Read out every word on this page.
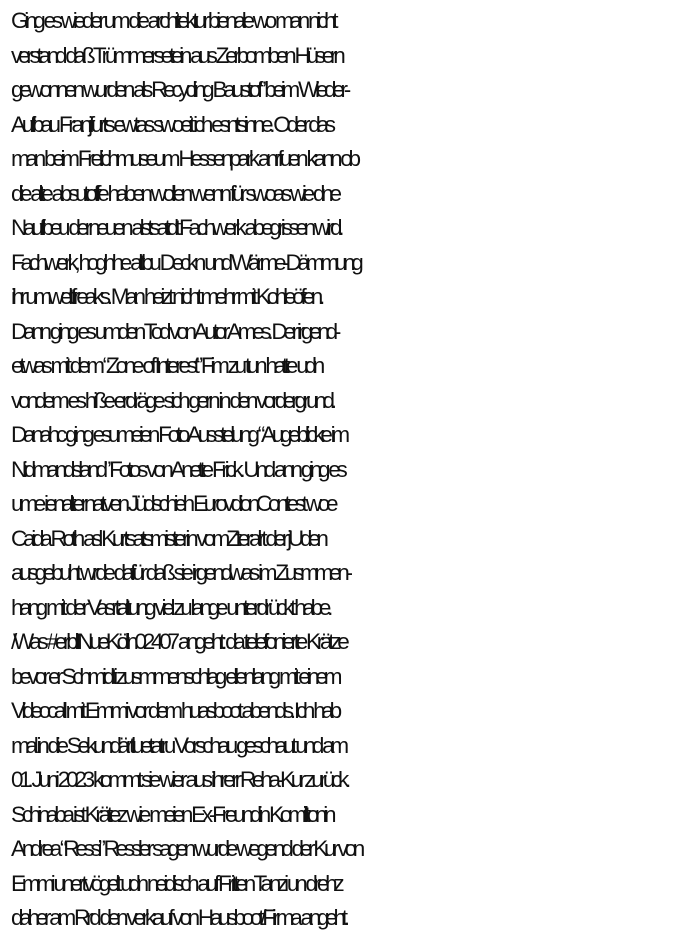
Ging es wieder um die architektur bienale wo man nicht
verstand daß Trümmersetein aus Zerbomben Hüsern
gewonnen wurden als Recycling Baustof” beim Wieder-
Aufbau Franjfurts ewtas swoeit ich esntsinne. Oder das
man beim Frelichmuseum Hessenpark anrfuen kann ob
die alte absutoffe haben wollen wenn für swoas wie dne
Naufbeu derneuen alstsatdt Fachwerk abegrissen wird.
Fachwerk, hoghhe altbu Deckn und Wärme-Dämmung
ihr umweltfreaks. Man heizt nicht mehr mit Kohleöfen.
Dann ging es umden Tod von Autor Ames. Der irgend-
etwas mit dem “Zone of Interest” Fim zu tun hatte udn
vondem es hiße erdräge sich gern in den vordergrund.
Danahc ging esumeien Foto Ausstelung “Augeblicke im
Nidmandsland” Fotos von Anette Frick. Und ann ging es
ume ienalternatven Jüdschieh EurovdionContest woe
Caida Roth asl Kurtsatsmisterin vomZteralrt der jUden
ausgebuht wrde dafür daß sie irgendwas im Zusmmen-
hang mit der Vasrtaltung viel zu lange unterdrückt habe.
/Was #erblINueKölln02407 angeht: da telefonierte Krätze
bevor er Schmidti zusmmenschlag ellenlang mit einem
Videocall mit Emmi vor dem huasboot abends. Ich hab
mal in die Sekundärtluetatru Vorschau geschaut und am
01. Juni 2023 kommt sie wier aus ihrerr Reha-Kur zurück.
Schinaba ist Krätez wie meien Ex-Freundin Komilltonin
Andrea “Ressi” Ressler sagen wurde wegend der Kur von
Emmi unertvögelt udn neidisch auf Fritten Tanzi un drehz
daher am Rrd den verkauf von Hausboot/Firma angeht.
